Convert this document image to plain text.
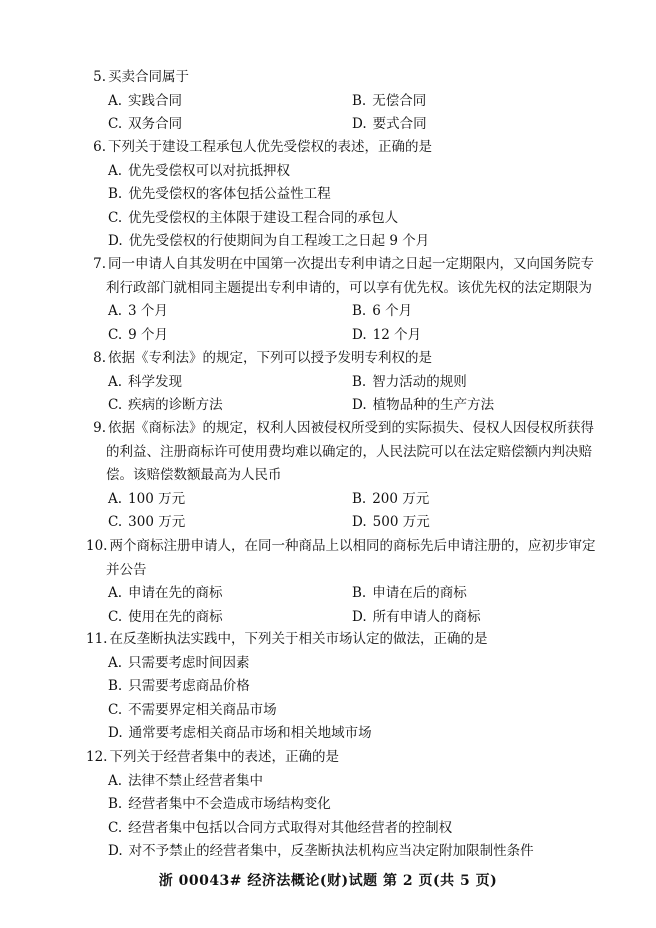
5. 买卖合同属于
A. 实践合同	B. 无偿合同
C. 双务合同	D. 要式合同
6. 下列关于建设工程承包人优先受偿权的表述，正确的是
A. 优先受偿权可以对抗抵押权
B. 优先受偿权的客体包括公益性工程
C. 优先受偿权的主体限于建设工程合同的承包人
D. 优先受偿权的行使期间为自工程竣工之日起 9 个月
7. 同一申请人自其发明在中国第一次提出专利申请之日起一定期限内，又向国务院专
利行政部门就相同主题提出专利申请的，可以享有优先权。该优先权的法定期限为
A. 3 个月	B. 6 个月
C. 9 个月	D. 12 个月
8. 依据《专利法》的规定，下列可以授予发明专利权的是
A. 科学发现	B. 智力活动的规则
C. 疾病的诊断方法	D. 植物品种的生产方法
9. 依据《商标法》的规定，权利人因被侵权所受到的实际损失、侵权人因侵权所获得
的利益、注册商标许可使用费均难以确定的，人民法院可以在法定赔偿额内判决赔
偿。该赔偿数额最高为人民币
A. 100 万元	B. 200 万元
C. 300 万元	D. 500 万元
10. 两个商标注册申请人，在同一种商品上以相同的商标先后申请注册的，应初步审定
并公告
A. 申请在先的商标	B. 申请在后的商标
C. 使用在先的商标	D. 所有申请人的商标
11. 在反垄断执法实践中，下列关于相关市场认定的做法，正确的是
A. 只需要考虑时间因素
B. 只需要考虑商品价格
C. 不需要界定相关商品市场
D. 通常要考虑相关商品市场和相关地域市场
12. 下列关于经营者集中的表述，正确的是
A. 法律不禁止经营者集中
B. 经营者集中不会造成市场结构变化
C. 经营者集中包括以合同方式取得对其他经营者的控制权
D. 对不予禁止的经营者集中，反垄断执法机构应当决定附加限制性条件
浙 00043# 经济法概论(财)试题 第 2 页(共 5 页)
